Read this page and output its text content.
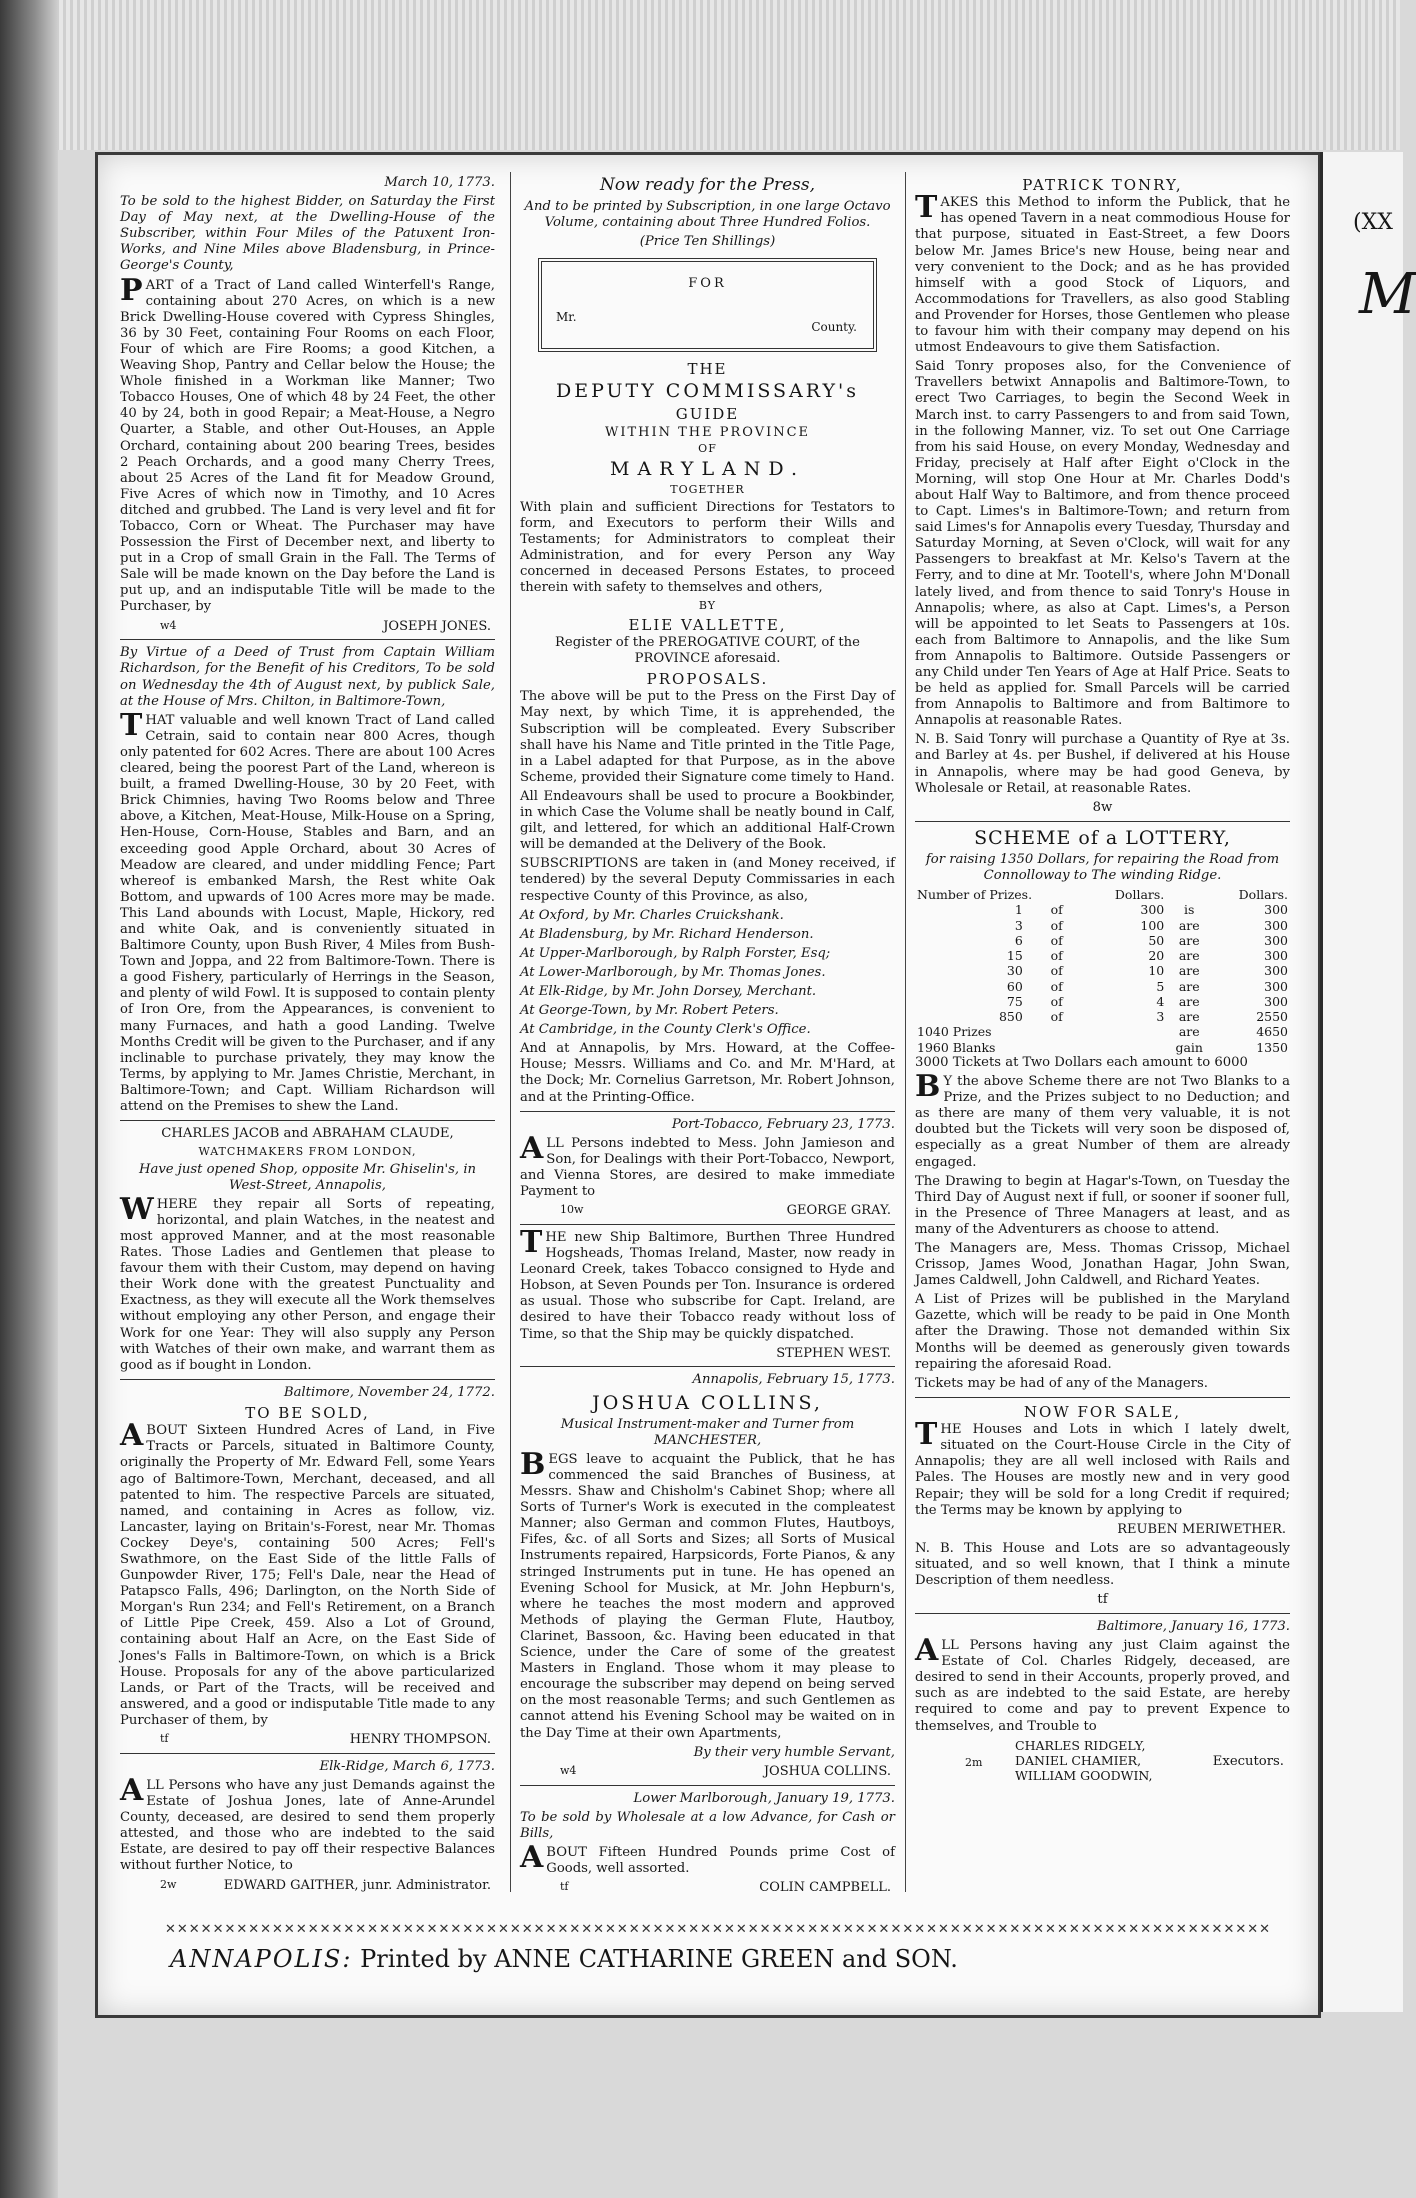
(XX
M

March 10, 1773.

To be sold to the highest Bidder, on Saturday the First Day of May next, at the Dwelling-House of the Subscriber, within Four Miles of the Patuxent Iron-Works, and Nine Miles above Bladensburg, in Prince-George's County,

PART of a Tract of Land called Winterfell's Range, containing about 270 Acres, on which is a new Brick Dwelling-House covered with Cypress Shingles, 36 by 30 Feet, containing Four Rooms on each Floor, Four of which are Fire Rooms; a good Kitchen, a Weaving Shop, Pantry and Cellar below the House; the Whole finished in a Workman like Manner; Two Tobacco Houses, One of which 48 by 24 Feet, the other 40 by 24, both in good Repair; a Meat-House, a Negro Quarter, a Stable, and other Out-Houses, an Apple Orchard, containing about 200 bearing Trees, besides 2 Peach Orchards, and a good many Cherry Trees, about 25 Acres of the Land fit for Meadow Ground, Five Acres of which now in Timothy, and 10 Acres ditched and grubbed. The Land is very level and fit for Tobacco, Corn or Wheat. The Purchaser may have Possession the First of December next, and liberty to put in a Crop of small Grain in the Fall. The Terms of Sale will be made known on the Day before the Land is put up, and an indisputable Title will be made to the Purchaser, by

w4	JOSEPH JONES.

By Virtue of a Deed of Trust from Captain William Richardson, for the Benefit of his Creditors, To be sold on Wednesday the 4th of August next, by publick Sale, at the House of Mrs. Chilton, in Baltimore-Town,

THAT valuable and well known Tract of Land called Cetrain, said to contain near 800 Acres, though only patented for 602 Acres. There are about 100 Acres cleared, being the poorest Part of the Land, whereon is built, a framed Dwelling-House, 30 by 20 Feet, with Brick Chimnies, having Two Rooms below and Three above, a Kitchen, Meat-House, Milk-House on a Spring, Hen-House, Corn-House, Stables and Barn, and an exceeding good Apple Orchard, about 30 Acres of Meadow are cleared, and under middling Fence; Part whereof is embanked Marsh, the Rest white Oak Bottom, and upwards of 100 Acres more may be made. This Land abounds with Locust, Maple, Hickory, red and white Oak, and is conveniently situated in Baltimore County, upon Bush River, 4 Miles from Bush-Town and Joppa, and 22 from Baltimore-Town. There is a good Fishery, particularly of Herrings in the Season, and plenty of wild Fowl. It is supposed to contain plenty of Iron Ore, from the Appearances, is convenient to many Furnaces, and hath a good Landing. Twelve Months Credit will be given to the Purchaser, and if any inclinable to purchase privately, they may know the Terms, by applying to Mr. James Christie, Merchant, in Baltimore-Town; and Capt. William Richardson will attend on the Premises to shew the Land.

CHARLES JACOB and ABRAHAM CLAUDE,

WATCHMAKERS FROM LONDON,

Have just opened Shop, opposite Mr. Ghiselin's, in West-Street, Annapolis,

WHERE they repair all Sorts of repeating, horizontal, and plain Watches, in the neatest and most approved Manner, and at the most reasonable Rates. Those Ladies and Gentlemen that please to favour them with their Custom, may depend on having their Work done with the greatest Punctuality and Exactness, as they will execute all the Work themselves without employing any other Person, and engage their Work for one Year: They will also supply any Person with Watches of their own make, and warrant them as good as if bought in London.

Baltimore, November 24, 1772.

TO BE SOLD,

ABOUT Sixteen Hundred Acres of Land, in Five Tracts or Parcels, situated in Baltimore County, originally the Property of Mr. Edward Fell, some Years ago of Baltimore-Town, Merchant, deceased, and all patented to him. The respective Parcels are situated, named, and containing in Acres as follow, viz. Lancaster, laying on Britain's-Forest, near Mr. Thomas Cockey Deye's, containing 500 Acres; Fell's Swathmore, on the East Side of the little Falls of Gunpowder River, 175; Fell's Dale, near the Head of Patapsco Falls, 496; Darlington, on the North Side of Morgan's Run 234; and Fell's Retirement, on a Branch of Little Pipe Creek, 459. Also a Lot of Ground, containing about Half an Acre, on the East Side of Jones's Falls in Baltimore-Town, on which is a Brick House. Proposals for any of the above particularized Lands, or Part of the Tracts, will be received and answered, and a good or indisputable Title made to any Purchaser of them, by

tf	HENRY THOMPSON.

Elk-Ridge, March 6, 1773.

ALL Persons who have any just Demands against the Estate of Joshua Jones, late of Anne-Arundel County, deceased, are desired to send them properly attested, and those who are indebted to the said Estate, are desired to pay off their respective Balances without further Notice, to

2w	EDWARD GAITHER, junr. Administrator.

Now ready for the Press,

And to be printed by Subscription, in one large Octavo Volume, containing about Three Hundred Folios.

(Price Ten Shillings)

FOR
Mr.
County.

THE

DEPUTY COMMISSARY's

GUIDE

WITHIN THE PROVINCE

OF

MARYLAND.

TOGETHER

With plain and sufficient Directions for Testators to form, and Executors to perform their Wills and Testaments; for Administrators to compleat their Administration, and for every Person any Way concerned in deceased Persons Estates, to proceed therein with safety to themselves and others,

BY

ELIE VALLETTE,

Register of the PREROGATIVE COURT, of the PROVINCE aforesaid.

PROPOSALS.

The above will be put to the Press on the First Day of May next, by which Time, it is apprehended, the Subscription will be compleated. Every Subscriber shall have his Name and Title printed in the Title Page, in a Label adapted for that Purpose, as in the above Scheme, provided their Signature come timely to Hand.

All Endeavours shall be used to procure a Bookbinder, in which Case the Volume shall be neatly bound in Calf, gilt, and lettered, for which an additional Half-Crown will be demanded at the Delivery of the Book.

SUBSCRIPTIONS are taken in (and Money received, if tendered) by the several Deputy Commissaries in each respective County of this Province, as also,

At Oxford, by Mr. Charles Cruickshank.

At Bladensburg, by Mr. Richard Henderson.

At Upper-Marlborough, by Ralph Forster, Esq;

At Lower-Marlborough, by Mr. Thomas Jones.

At Elk-Ridge, by Mr. John Dorsey, Merchant.

At George-Town, by Mr. Robert Peters.

At Cambridge, in the County Clerk's Office.

And at Annapolis, by Mrs. Howard, at the Coffee-House; Messrs. Williams and Co. and Mr. M'Hard, at the Dock; Mr. Cornelius Garretson, Mr. Robert Johnson, and at the Printing-Office.

Port-Tobacco, February 23, 1773.

ALL Persons indebted to Mess. John Jamieson and Son, for Dealings with their Port-Tobacco, Newport, and Vienna Stores, are desired to make immediate Payment to

10w	GEORGE GRAY.

THE new Ship Baltimore, Burthen Three Hundred Hogsheads, Thomas Ireland, Master, now ready in Leonard Creek, takes Tobacco consigned to Hyde and Hobson, at Seven Pounds per Ton. Insurance is ordered as usual. Those who subscribe for Capt. Ireland, are desired to have their Tobacco ready without loss of Time, so that the Ship may be quickly dispatched.

STEPHEN WEST.

Annapolis, February 15, 1773.

JOSHUA COLLINS,

Musical Instrument-maker and Turner from MANCHESTER,

BEGS leave to acquaint the Publick, that he has commenced the said Branches of Business, at Messrs. Shaw and Chisholm's Cabinet Shop; where all Sorts of Turner's Work is executed in the compleatest Manner; also German and common Flutes, Hautboys, Fifes, &c. of all Sorts and Sizes; all Sorts of Musical Instruments repaired, Harpsicords, Forte Pianos, & any stringed Instruments put in tune. He has opened an Evening School for Musick, at Mr. John Hepburn's, where he teaches the most modern and approved Methods of playing the German Flute, Hautboy, Clarinet, Bassoon, &c. Having been educated in that Science, under the Care of some of the greatest Masters in England. Those whom it may please to encourage the subscriber may depend on being served on the most reasonable Terms; and such Gentlemen as cannot attend his Evening School may be waited on in the Day Time at their own Apartments,

By their very humble Servant,

w4	JOSHUA COLLINS.

Lower Marlborough, January 19, 1773.

To be sold by Wholesale at a low Advance, for Cash or Bills,

ABOUT Fifteen Hundred Pounds prime Cost of Goods, well assorted.

tf	COLIN CAMPBELL.

PATRICK TONRY,

TAKES this Method to inform the Publick, that he has opened Tavern in a neat commodious House for that purpose, situated in East-Street, a few Doors below Mr. James Brice's new House, being near and very convenient to the Dock; and as he has provided himself with a good Stock of Liquors, and Accommodations for Travellers, as also good Stabling and Provender for Horses, those Gentlemen who please to favour him with their company may depend on his utmost Endeavours to give them Satisfaction.

Said Tonry proposes also, for the Convenience of Travellers betwixt Annapolis and Baltimore-Town, to erect Two Carriages, to begin the Second Week in March inst. to carry Passengers to and from said Town, in the following Manner, viz. To set out One Carriage from his said House, on every Monday, Wednesday and Friday, precisely at Half after Eight o'Clock in the Morning, will stop One Hour at Mr. Charles Dodd's about Half Way to Baltimore, and from thence proceed to Capt. Limes's in Baltimore-Town; and return from said Limes's for Annapolis every Tuesday, Thursday and Saturday Morning, at Seven o'Clock, will wait for any Passengers to breakfast at Mr. Kelso's Tavern at the Ferry, and to dine at Mr. Tootell's, where John M'Donall lately lived, and from thence to said Tonry's House in Annapolis; where, as also at Capt. Limes's, a Person will be appointed to let Seats to Passengers at 10s. each from Baltimore to Annapolis, and the like Sum from Annapolis to Baltimore. Outside Passengers or any Child under Ten Years of Age at Half Price. Seats to be held as applied for. Small Parcels will be carried from Annapolis to Baltimore and from Baltimore to Annapolis at reasonable Rates.

N. B. Said Tonry will purchase a Quantity of Rye at 3s. and Barley at 4s. per Bushel, if delivered at his House in Annapolis, where may be had good Geneva, by Wholesale or Retail, at reasonable Rates.

8w

SCHEME of a LOTTERY,

for raising 1350 Dollars, for repairing the Road from Connolloway to The winding Ridge.

Number of Prizes.		Dollars.		Dollars.
1	of	300	is	300
3	of	100	are	300
6	of	50	are	300
15	of	20	are	300
30	of	10	are	300
60	of	5	are	300
75	of	4	are	300
850	of	3	are	2550
1040 Prizes			are	4650
1960 Blanks			gain	1350

3000 Tickets at Two Dollars each amount to 6000

BY the above Scheme there are not Two Blanks to a Prize, and the Prizes subject to no Deduction; and as there are many of them very valuable, it is not doubted but the Tickets will very soon be disposed of, especially as a great Number of them are already engaged.

The Drawing to begin at Hagar's-Town, on Tuesday the Third Day of August next if full, or sooner if sooner full, in the Presence of Three Managers at least, and as many of the Adventurers as choose to attend.

The Managers are, Mess. Thomas Crissop, Michael Crissop, James Wood, Jonathan Hagar, John Swan, James Caldwell, John Caldwell, and Richard Yeates.

A List of Prizes will be published in the Maryland Gazette, which will be ready to be paid in One Month after the Drawing. Those not demanded within Six Months will be deemed as generously given towards repairing the aforesaid Road.

Tickets may be had of any of the Managers.

NOW FOR SALE,

THE Houses and Lots in which I lately dwelt, situated on the Court-House Circle in the City of Annapolis; they are all well inclosed with Rails and Pales. The Houses are mostly new and in very good Repair; they will be sold for a long Credit if required; the Terms may be known by applying to

REUBEN MERIWETHER.

N. B. This House and Lots are so advantageously situated, and so well known, that I think a minute Description of them needless.

tf

Baltimore, January 16, 1773.

ALL Persons having any just Claim against the Estate of Col. Charles Ridgely, deceased, are desired to send in their Accounts, properly proved, and such as are indebted to the said Estate, are hereby required to come and pay to prevent Expence to themselves, and Trouble to

2m
CHARLES RIDGELY,
DANIEL CHAMIER,
WILLIAM GOODWIN,
Executors.
✕✕✕✕✕✕✕✕✕✕✕✕✕✕✕✕✕✕✕✕✕✕✕✕✕✕✕✕✕✕✕✕✕✕✕✕✕✕✕✕✕✕✕✕✕✕✕✕✕✕✕✕✕✕✕✕✕✕✕✕✕✕✕✕✕✕✕✕✕✕✕✕✕✕✕✕✕✕✕✕✕✕✕✕✕✕✕✕✕✕✕✕✕
ANNAPOLIS: Printed by ANNE CATHARINE GREEN and SON.
